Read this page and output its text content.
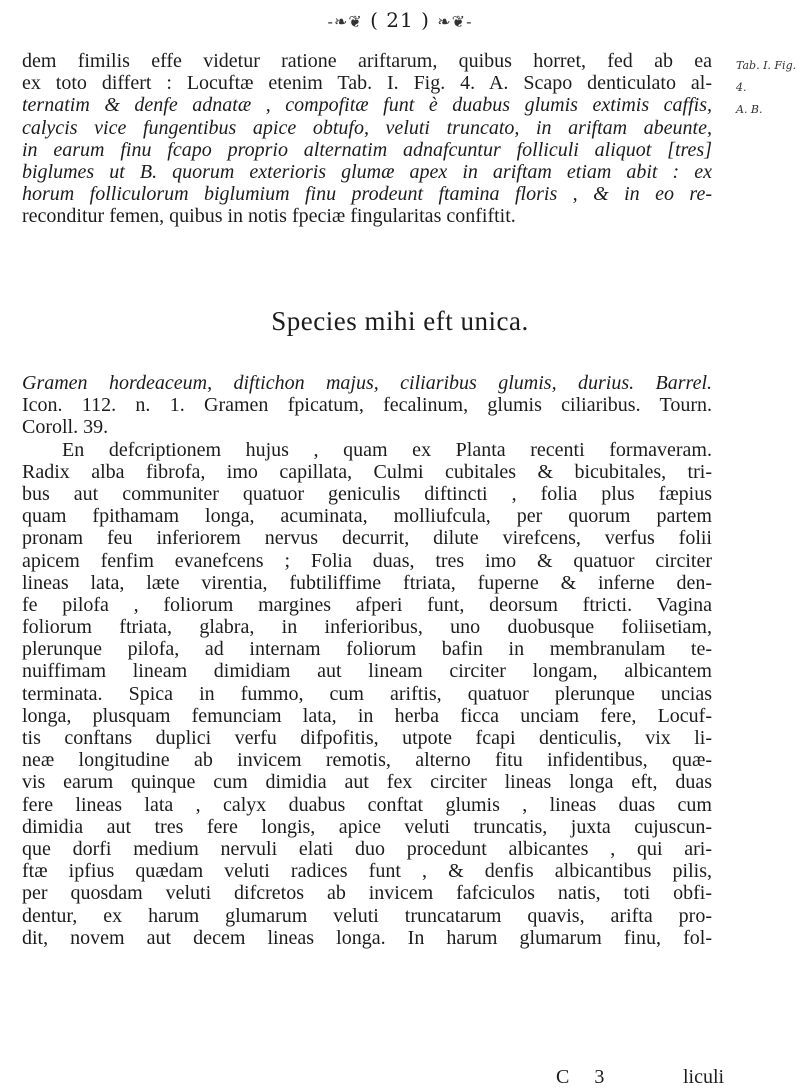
-❧❦ ( 21 ) ❧❦-
Tab. I. Fig. 4.
A. B.
dem fimilis effe videtur ratione ariftarum, quibus horret, fed ab ea
ex toto differt : Locuftæ etenim Tab. I. Fig. 4. A. Scapo denticulato al-
ternatim & denfe adnatæ , compofitæ funt è duabus glumis extimis caffis,
calycis vice fungentibus apice obtufo, veluti truncato, in ariftam abeunte,
in earum finu fcapo proprio alternatim adnafcuntur folliculi aliquot [tres]
biglumes ut B. quorum exterioris glumæ apex in ariftam etiam abit : ex
horum folliculorum biglumium finu prodeunt ftamina floris , & in eo re-
reconditur femen, quibus in notis fpeciæ fingularitas confiftit.
Species mihi eft unica.
Gramen hordeaceum, diftichon majus, ciliaribus glumis, durius. Barrel.
Icon. 112. n. 1. Gramen fpicatum, fecalinum, glumis ciliaribus. Tourn.
Coroll. 39.
En defcriptionem hujus , quam ex Planta recenti formaveram.
Radix alba fibrofa, imo capillata, Culmi cubitales & bicubitales, tri-
bus aut communiter quatuor geniculis diftincti , folia plus fæpius
quam fpithamam longa, acuminata, molliufcula, per quorum partem
pronam feu inferiorem nervus decurrit, dilute virefcens, verfus folii
apicem fenfim evanefcens ; Folia duas, tres imo & quatuor circiter
lineas lata, læte virentia, fubtiliffime ftriata, fuperne & inferne den-
fe pilofa , foliorum margines afperi funt, deorsum ftricti. Vagina
foliorum ftriata, glabra, in inferioribus, uno duobusque foliisetiam,
plerunque pilofa, ad internam foliorum bafin in membranulam te-
nuiffimam lineam dimidiam aut lineam circiter longam, albicantem
terminata. Spica in fummo, cum ariftis, quatuor plerunque uncias
longa, plusquam femunciam lata, in herba ficca unciam fere, Locuf-
tis conftans duplici verfu difpofitis, utpote fcapi denticulis, vix li-
neæ longitudine ab invicem remotis, alterno fitu infidentibus, quæ-
vis earum quinque cum dimidia aut fex circiter lineas longa eft, duas
fere lineas lata , calyx duabus conftat glumis , lineas duas cum
dimidia aut tres fere longis, apice veluti truncatis, juxta cujuscun-
que dorfi medium nervuli elati duo procedunt albicantes , qui ari-
ftæ ipfius quædam veluti radices funt , & denfis albicantibus pilis,
per quosdam veluti difcretos ab invicem fafciculos natis, toti obfi-
dentur, ex harum glumarum veluti truncatarum quavis, arifta pro-
dit, novem aut decem lineas longa. In harum glumarum finu, fol-
C 3	liculi
